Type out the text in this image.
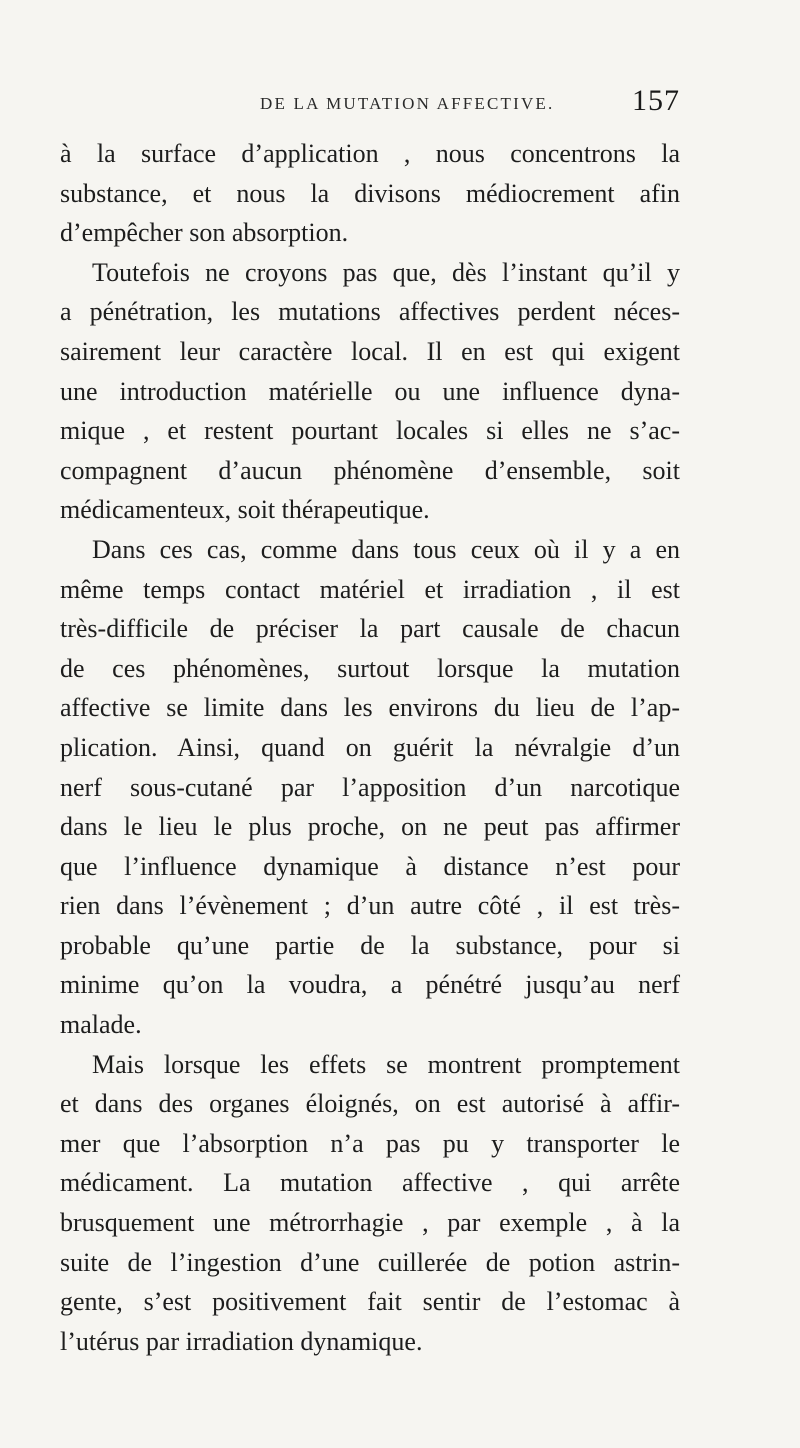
DE LA MUTATION AFFECTIVE.	157
à la surface d’application , nous concentrons la
substance, et nous la divisons médiocrement afin
d’empêcher son absorption.
Toutefois ne croyons pas que, dès l’instant qu’il y
a pénétration, les mutations affectives perdent néces-
sairement leur caractère local. Il en est qui exigent
une introduction matérielle ou une influence dyna-
mique , et restent pourtant locales si elles ne s’ac-
compagnent d’aucun phénomène d’ensemble, soit
médicamenteux, soit thérapeutique.
Dans ces cas, comme dans tous ceux où il y a en
même temps contact matériel et irradiation , il est
très-difficile de préciser la part causale de chacun
de ces phénomènes, surtout lorsque la mutation
affective se limite dans les environs du lieu de l’ap-
plication. Ainsi, quand on guérit la névralgie d’un
nerf sous-cutané par l’apposition d’un narcotique
dans le lieu le plus proche, on ne peut pas affirmer
que l’influence dynamique à distance n’est pour
rien dans l’évènement ; d’un autre côté , il est très-
probable qu’une partie de la substance, pour si
minime qu’on la voudra, a pénétré jusqu’au nerf
malade.
Mais lorsque les effets se montrent promptement
et dans des organes éloignés, on est autorisé à affir-
mer que l’absorption n’a pas pu y transporter le
médicament. La mutation affective , qui arrête
brusquement une métrorrhagie , par exemple , à la
suite de l’ingestion d’une cuillerée de potion astrin-
gente, s’est positivement fait sentir de l’estomac à
l’utérus par irradiation dynamique.
